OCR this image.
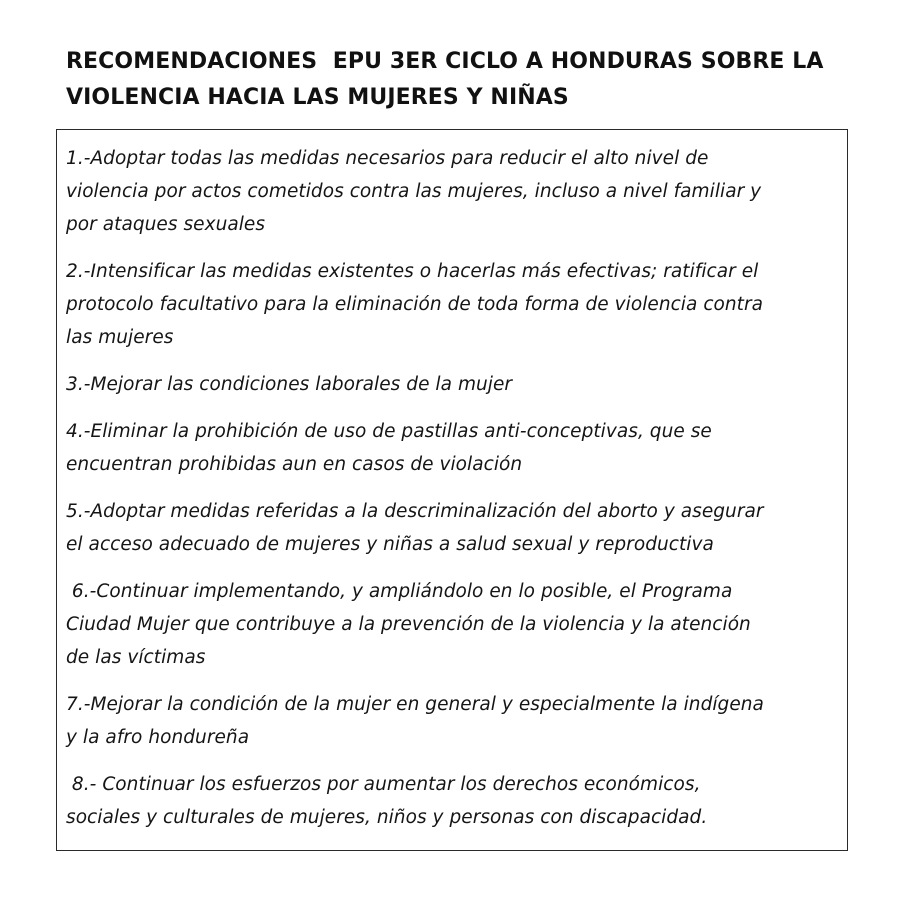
RECOMENDACIONES  EPU 3ER CICLO A HONDURAS SOBRE LA
VIOLENCIA HACIA LAS MUJERES Y NIÑAS

1.-Adoptar todas las medidas necesarios para reducir el alto nivel de
violencia por actos cometidos contra las mujeres, incluso a nivel familiar y
por ataques sexuales

2.-Intensificar las medidas existentes o hacerlas más efectivas; ratificar el
protocolo facultativo para la eliminación de toda forma de violencia contra
las mujeres

3.-Mejorar las condiciones laborales de la mujer

4.-Eliminar la prohibición de uso de pastillas anti-conceptivas, que se
encuentran prohibidas aun en casos de violación

5.-Adoptar medidas referidas a la descriminalización del aborto y asegurar
el acceso adecuado de mujeres y niñas a salud sexual y reproductiva

6.-Continuar implementando, y ampliándolo en lo posible, el Programa
Ciudad Mujer que contribuye a la prevención de la violencia y la atención
de las víctimas

7.-Mejorar la condición de la mujer en general y especialmente la indígena
y la afro hondureña

8.- Continuar los esfuerzos por aumentar los derechos económicos,
sociales y culturales de mujeres, niños y personas con discapacidad.
